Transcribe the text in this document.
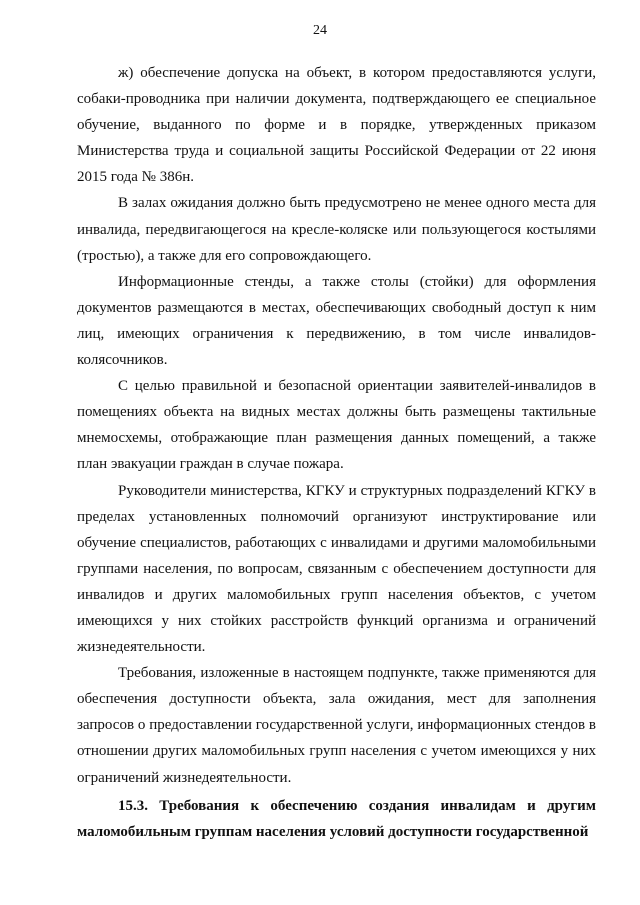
24

ж) обеспечение допуска на объект, в котором предоставляются услуги, собаки-проводника при наличии документа, подтверждающего ее специальное обучение, выданного по форме и в порядке, утвержденных приказом Министерства труда и социальной защиты Российской Федерации от 22 июня 2015 года № 386н.

В залах ожидания должно быть предусмотрено не менее одного места для инвалида, передвигающегося на кресле-коляске или пользующегося костылями (тростью), а также для его сопровождающего.

Информационные стенды, а также столы (стойки) для оформления документов размещаются в местах, обеспечивающих свободный доступ к ним лиц, имеющих ограничения к передвижению, в том числе инвалидов-колясочников.

С целью правильной и безопасной ориентации заявителей-инвалидов в помещениях объекта на видных местах должны быть размещены тактильные мнемосхемы, отображающие план размещения данных помещений, а также план эвакуации граждан в случае пожара.

Руководители министерства, КГКУ и структурных подразделений КГКУ в пределах установленных полномочий организуют инструктирование или обучение специалистов, работающих с инвалидами и другими маломобильными группами населения, по вопросам, связанным с обеспечением доступности для инвалидов и других маломобильных групп населения объектов, с учетом имеющихся у них стойких расстройств функций организма и ограничений жизнедеятельности.

Требования, изложенные в настоящем подпункте, также применяются для обеспечения доступности объекта, зала ожидания, мест для заполнения запросов о предоставлении государственной услуги, информационных стендов в отношении других маломобильных групп населения с учетом имеющихся у них ограничений жизнедеятельности.

15.3. Требования к обеспечению создания инвалидам и другим маломобильным группам населения условий доступности государственной
